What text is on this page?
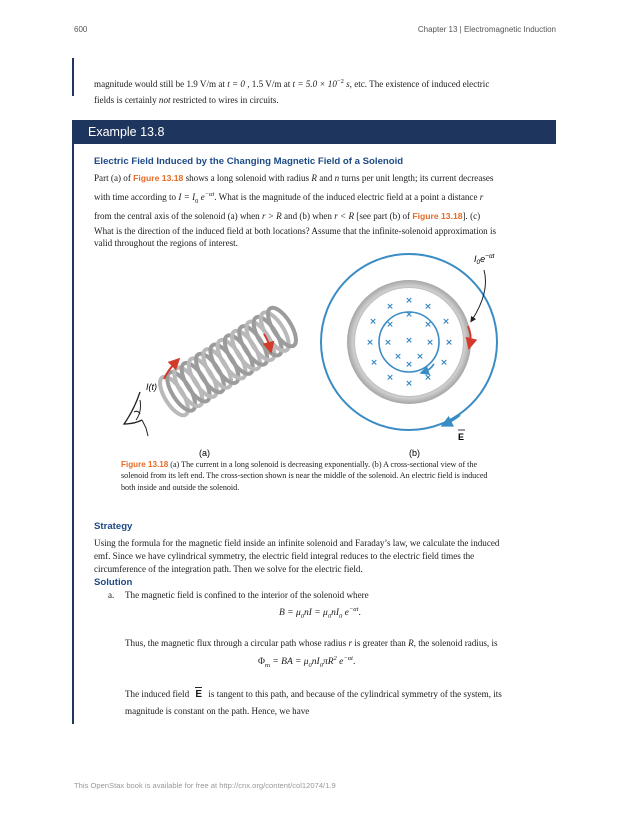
600	Chapter 13 | Electromagnetic Induction
magnitude would still be 1.9 V/m at t = 0 , 1.5 V/m at $t = 5.0 \times 10^{-2}$ s, etc. The existence of induced electric
fields is certainly not restricted to wires in circuits.
Example 13.8
Electric Field Induced by the Changing Magnetic Field of a Solenoid
Part (a) of Figure 13.18 shows a long solenoid with radius R and n turns per unit length; its current decreases
with time according to $I = I_0$ $e^{-\alpha t}$. What is the magnitude of the induced electric field at a point a distance r
from the central axis of the solenoid (a) when r > R and (b) when r < R [see part (b) of Figure 13.18]. (c)
What is the direction of the induced field at both locations? Assume that the infinite-solenoid approximation is
valid throughout the regions of interest.
×
×	×
×	×
×	×
×
× × × × ×
× ×
×	×
×
×
×
×
I(t)
$I_0e^{-\alpha t}$
E
(a)	(b)
Figure 13.18 (a) The current in a long solenoid is decreasing exponentially. (b) A cross-sectional view of the solenoid from its left end. The cross-section shown is near the middle of the solenoid. An electric field is induced both inside and outside the solenoid.
Strategy
Using the formula for the magnetic field inside an infinite solenoid and Faraday’s law, we calculate the induced
emf. Since we have cylindrical symmetry, the electric field integral reduces to the electric field times the
circumference of the integration path. Then we solve for the electric field.
Solution
a. The magnetic field is confined to the interior of the solenoid where
$B = \mu_0nI = \mu_0nI_0$ $e^{-\alpha t}$.
Thus, the magnetic flux through a circular path whose radius r is greater than R, the solenoid radius, is
$\Phi_m$ = BA = $\mu_0nI_0\pi R^2$ $e^{-\alpha t}$.
The induced field
E is tangent to this path, and because of the cylindrical symmetry of the system, its
magnitude is constant on the path. Hence, we have
This OpenStax book is available for free at http://cnx.org/content/col12074/1.9
